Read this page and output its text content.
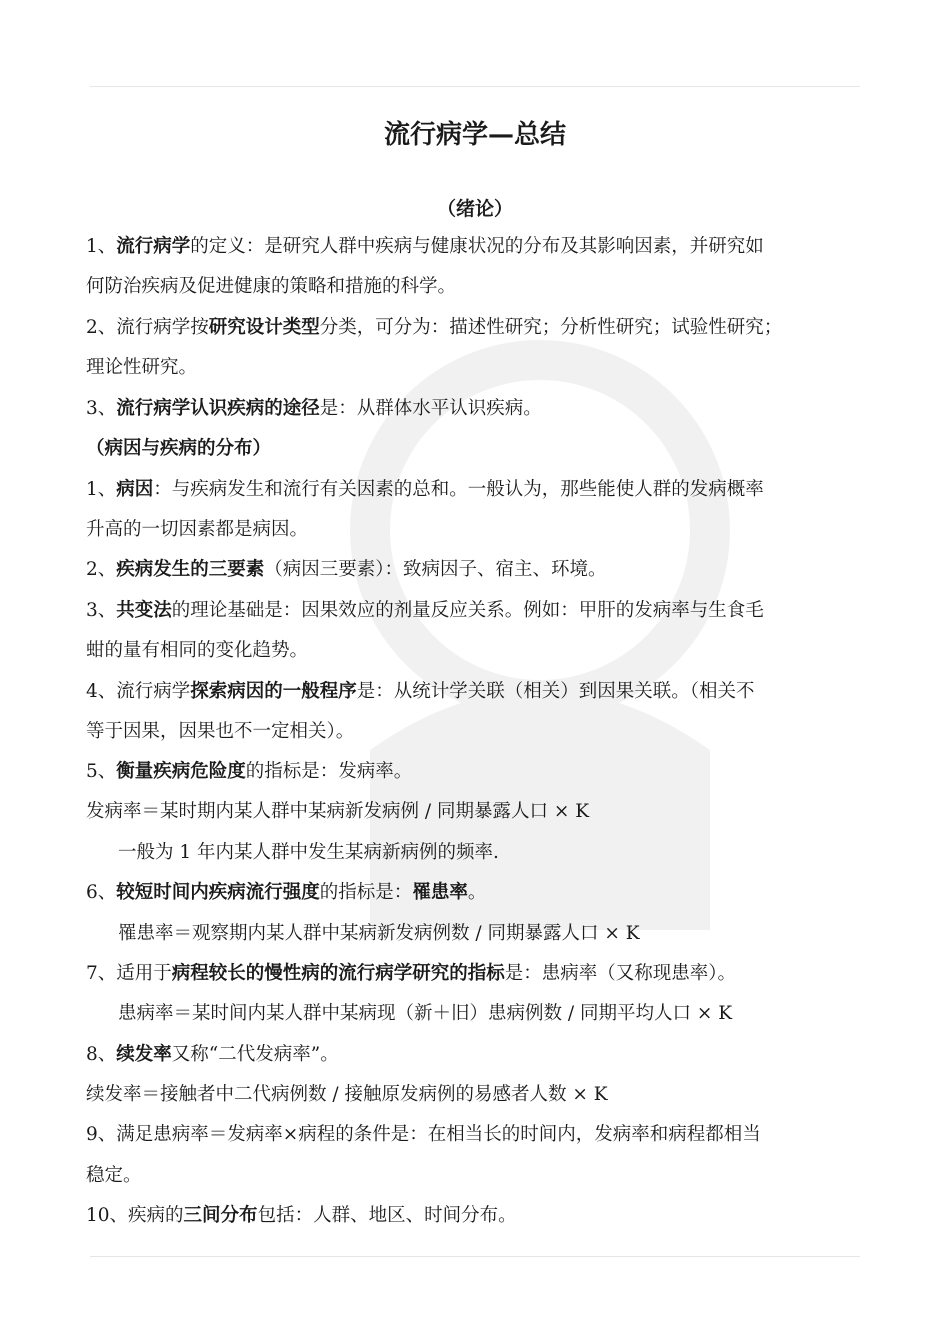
流行病学—总结
（绪论）
1、流行病学的定义：是研究人群中疾病与健康状况的分布及其影响因素，并研究如
何防治疾病及促进健康的策略和措施的科学。
2、流行病学按研究设计类型分类，可分为：描述性研究；分析性研究；试验性研究；
理论性研究。
3、流行病学认识疾病的途径是：从群体水平认识疾病。
（病因与疾病的分布）
1、病因：与疾病发生和流行有关因素的总和。一般认为，那些能使人群的发病概率
升高的一切因素都是病因。
2、疾病发生的三要素（病因三要素）：致病因子、宿主、环境。
3、共变法的理论基础是：因果效应的剂量反应关系。例如：甲肝的发病率与生食毛
蚶的量有相同的变化趋势。
4、流行病学探索病因的一般程序是：从统计学关联（相关）到因果关联。（相关不
等于因果，因果也不一定相关）。
5、衡量疾病危险度的指标是：发病率。
发病率＝某时期内某人群中某病新发病例 / 同期暴露人口 × K
一般为 1 年内某人群中发生某病新病例的频率.
6、较短时间内疾病流行强度的指标是：罹患率。
罹患率＝观察期内某人群中某病新发病例数 / 同期暴露人口 × K
7、适用于病程较长的慢性病的流行病学研究的指标是：患病率（又称现患率）。
患病率＝某时间内某人群中某病现（新＋旧）患病例数 / 同期平均人口 × K
8、续发率又称“二代发病率”。
续发率＝接触者中二代病例数 / 接触原发病例的易感者人数 × K
9、满足患病率＝发病率×病程的条件是：在相当长的时间内，发病率和病程都相当
稳定。
10、疾病的三间分布包括：人群、地区、时间分布。
